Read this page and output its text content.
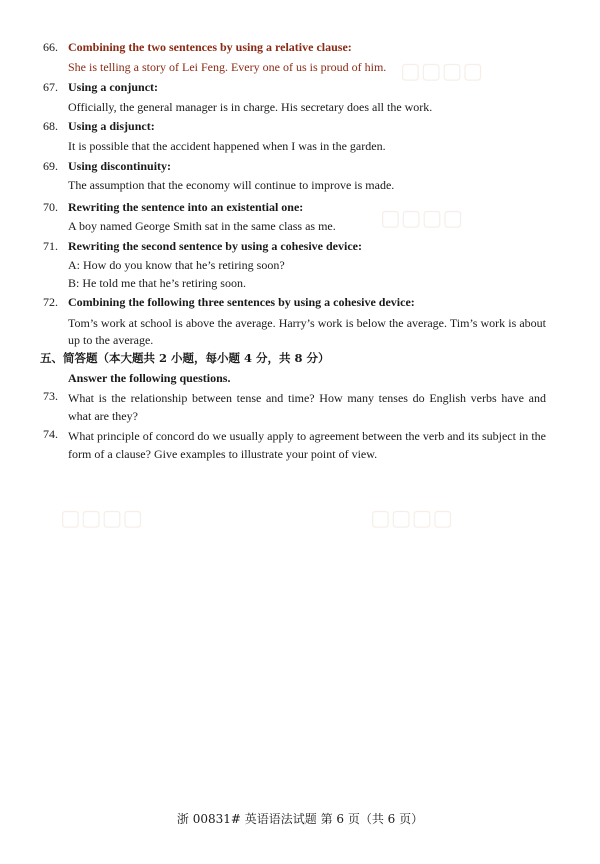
▢▢▢▢
▢▢▢▢
▢▢▢▢	▢▢▢▢
66. Combining the two sentences by using a relative clause:
She is telling a story of Lei Feng. Every one of us is proud of him.
67. Using a conjunct:
Officially, the general manager is in charge. His secretary does all the work.
68. Using a disjunct:
It is possible that the accident happened when I was in the garden.
69. Using discontinuity:
The assumption that the economy will continue to improve is made.
70. Rewriting the sentence into an existential one:
A boy named George Smith sat in the same class as me.
71. Rewriting the second sentence by using a cohesive device:
A: How do you know that he’s retiring soon?
B: He told me that he’s retiring soon.
72. Combining the following three sentences by using a cohesive device:
Tom’s work at school is above the average. Harry’s work is below the average. Tim’s work is about up to the average.
五、简答题（本大题共 2 小题，每小题 4 分，共 8 分）
Answer the following questions.
73. What is the relationship between tense and time? How many tenses do English verbs have and what are they?
74. What principle of concord do we usually apply to agreement between the verb and its subject in the form of a clause? Give examples to illustrate your point of view.
浙 00831# 英语语法试题 第 6 页（共 6 页）
